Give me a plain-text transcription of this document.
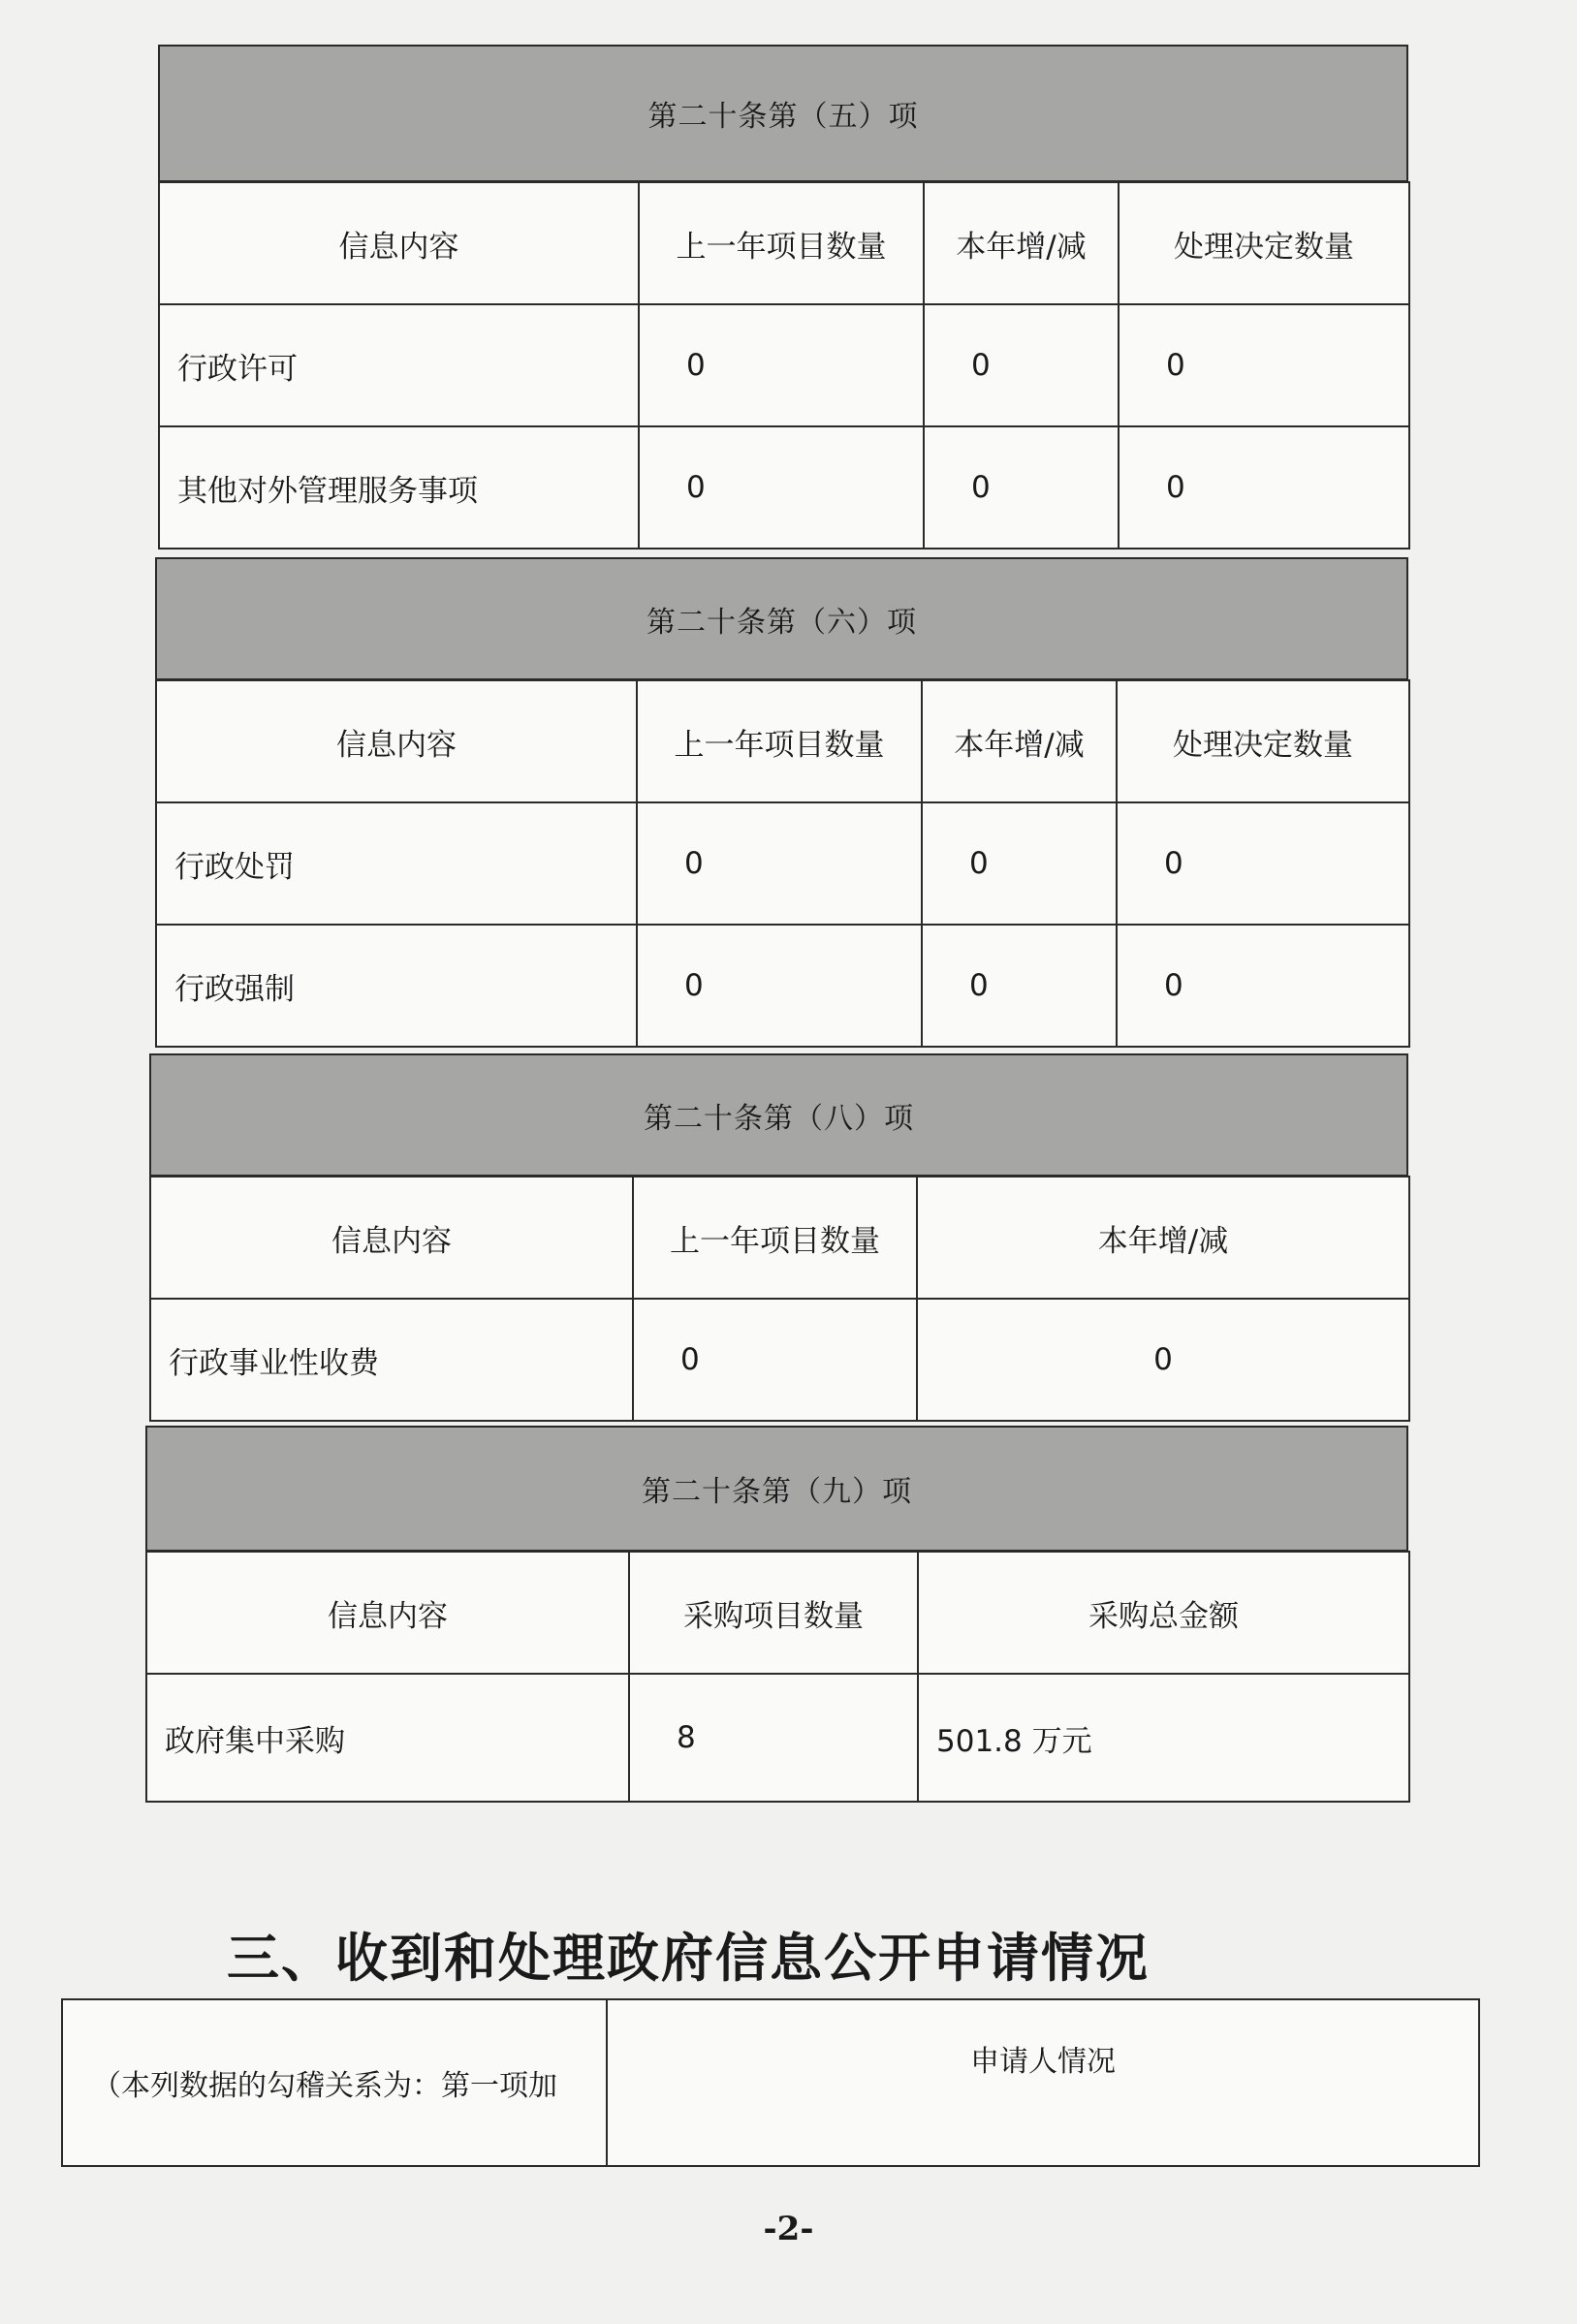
第二十条第（五）项
信息内容	上一年项目数量	本年增/减	处理决定数量
行政许可	0	0	0
其他对外管理服务事项	0	0	0
第二十条第（六）项
信息内容	上一年项目数量	本年增/减	处理决定数量
行政处罚	0	0	0
行政强制	0	0	0
第二十条第（八）项
信息内容	上一年项目数量	本年增/减
行政事业性收费	0	0
第二十条第（九）项
信息内容	采购项目数量	采购总金额
政府集中采购	8	501.8 万元
三、收到和处理政府信息公开申请情况
（本列数据的勾稽关系为：第一项加	申请人情况
-2-
